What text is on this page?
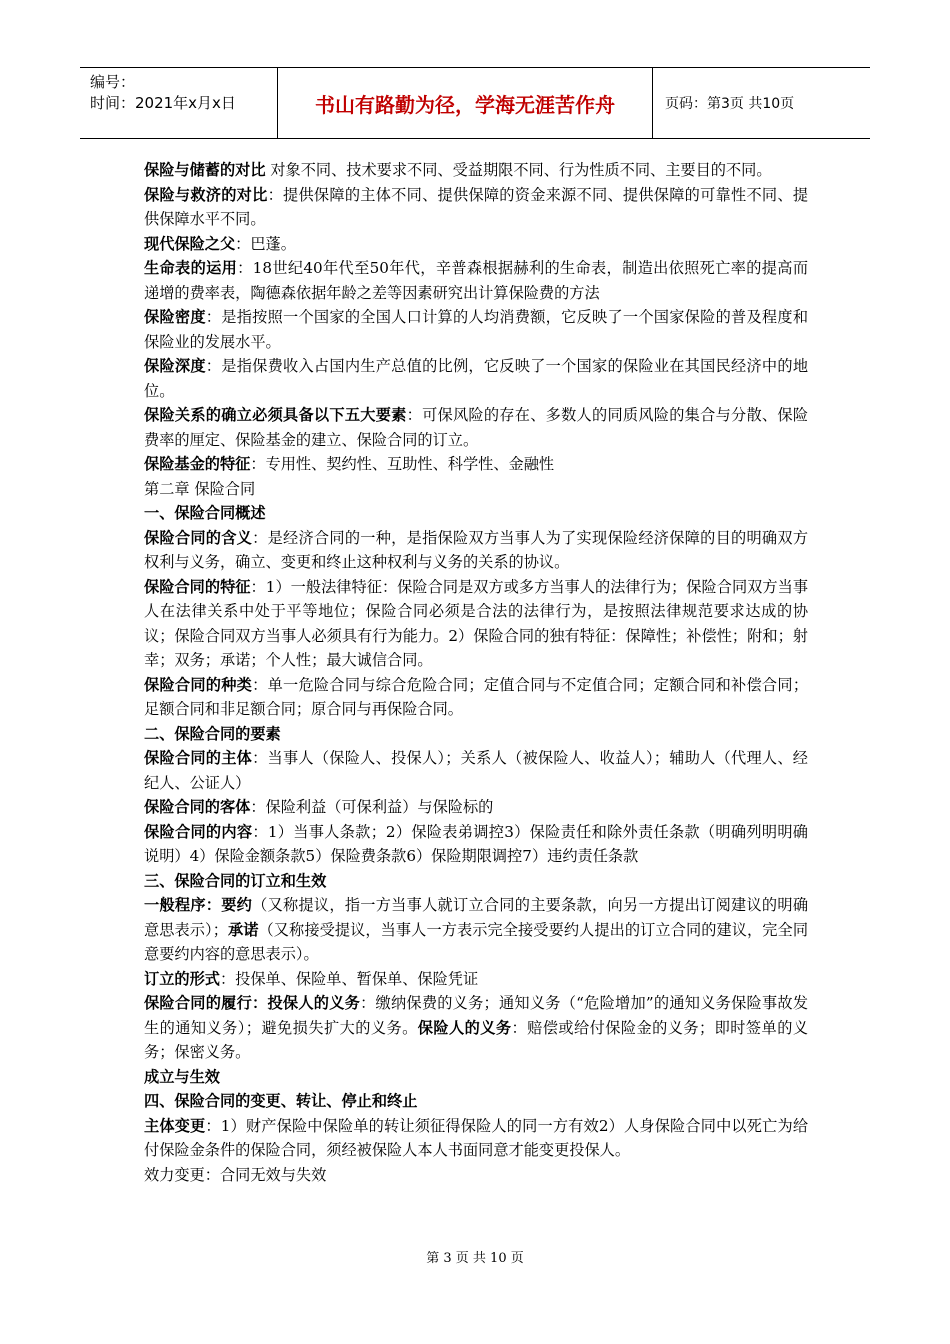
编号：
时间：2021年x月x日	书山有路勤为径，学海无涯苦作舟	页码：第3页 共10页

保险与储蓄的对比 对象不同、技术要求不同、受益期限不同、行为性质不同、主要目的不同。

保险与救济的对比：提供保障的主体不同、提供保障的资金来源不同、提供保障的可靠性不同、提供保障水平不同。

现代保险之父：巴蓬。

生命表的运用：18世纪40年代至50年代，辛普森根据赫利的生命表，制造出依照死亡率的提高而递增的费率表，陶德森依据年龄之差等因素研究出计算保险费的方法

保险密度：是指按照一个国家的全国人口计算的人均消费额，它反映了一个国家保险的普及程度和保险业的发展水平。

保险深度：是指保费收入占国内生产总值的比例，它反映了一个国家的保险业在其国民经济中的地位。

保险关系的确立必须具备以下五大要素：可保风险的存在、多数人的同质风险的集合与分散、保险费率的厘定、保险基金的建立、保险合同的订立。

保险基金的特征：专用性、契约性、互助性、科学性、金融性

第二章 保险合同

一、保险合同概述

保险合同的含义：是经济合同的一种，是指保险双方当事人为了实现保险经济保障的目的明确双方权利与义务，确立、变更和终止这种权利与义务的关系的协议。

保险合同的特征：1）一般法律特征：保险合同是双方或多方当事人的法律行为；保险合同双方当事人在法律关系中处于平等地位；保险合同必须是合法的法律行为，是按照法律规范要求达成的协议；保险合同双方当事人必须具有行为能力。2）保险合同的独有特征：保障性；补偿性；附和；射幸；双务；承诺；个人性；最大诚信合同。

保险合同的种类：单一危险合同与综合危险合同；定值合同与不定值合同；定额合同和补偿合同；足额合同和非足额合同；原合同与再保险合同。

二、保险合同的要素

保险合同的主体：当事人（保险人、投保人）；关系人（被保险人、收益人）；辅助人（代理人、经纪人、公证人）

保险合同的客体：保险利益（可保利益）与保险标的

保险合同的内容：1）当事人条款；2）保险表弟调控3）保险责任和除外责任条款（明确列明明确说明）4）保险金额条款5）保险费条款6）保险期限调控7）违约责任条款

三、保险合同的订立和生效

一般程序：要约（又称提议，指一方当事人就订立合同的主要条款，向另一方提出订阅建议的明确意思表示）；承诺（又称接受提议，当事人一方表示完全接受要约人提出的订立合同的建议，完全同意要约内容的意思表示）。

订立的形式：投保单、保险单、暂保单、保险凭证

保险合同的履行：投保人的义务：缴纳保费的义务；通知义务（“危险增加”的通知义务保险事故发生的通知义务）；避免损失扩大的义务。保险人的义务：赔偿或给付保险金的义务；即时签单的义务；保密义务。

成立与生效

四、保险合同的变更、转让、停止和终止

主体变更：1）财产保险中保险单的转让须征得保险人的同一方有效2）人身保险合同中以死亡为给付保险金条件的保险合同，须经被保险人本人书面同意才能变更投保人。

效力变更：合同无效与失效

第 3 页 共 10 页
